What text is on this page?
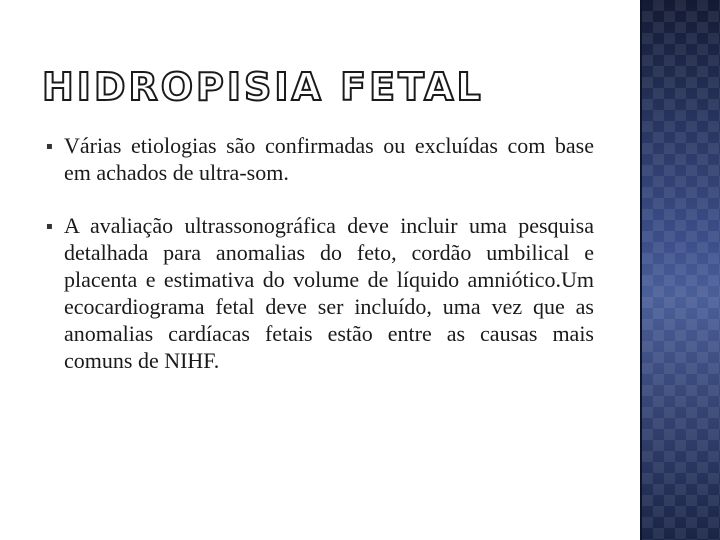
HIDROPISIA FETAL
▪ Várias etiologias são confirmadas ou excluídas com base em achados de ultra-som.
▪ A avaliação ultrassonográfica deve incluir uma pesquisa detalhada para anomalias do feto, cordão umbilical e placenta e estimativa do volume de líquido amniótico.Um ecocardiograma fetal deve ser incluído, uma vez que as anomalias cardíacas fetais estão entre as causas mais comuns de NIHF.
